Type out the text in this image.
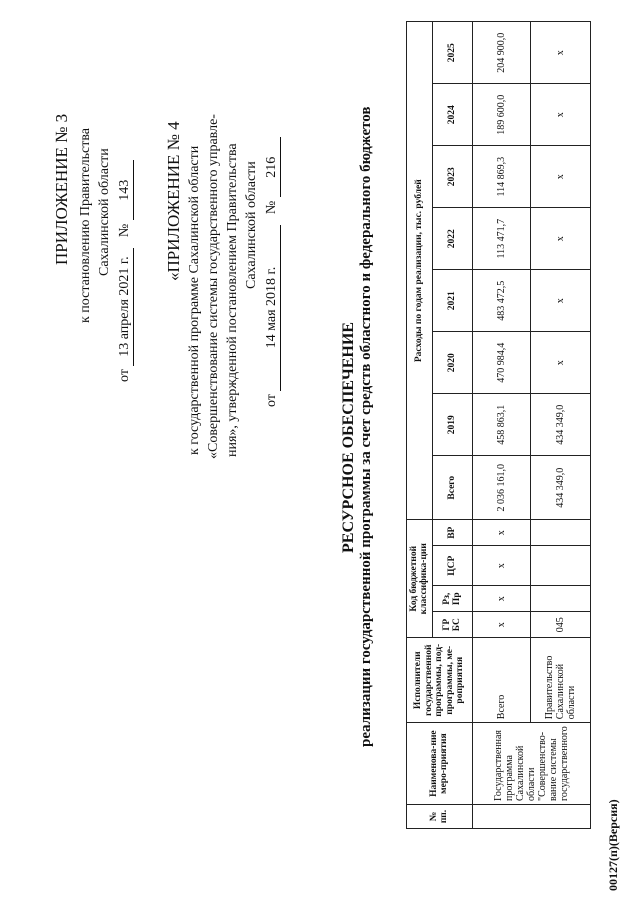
ПРИЛОЖЕНИЕ № 3 к постановлению Правительства Сахалинской области
от 13 апреля 2021 г.   № 143 «ПРИЛОЖЕНИЕ № 4 к государственной программе Сахалинской области «Совершенствование системы государственного управле- ния», утвержденной постановлением Правительства Сахалинской области
от 14 мая 2018 г.   № 216
РЕСУРСНОЕ ОБЕСПЕЧЕНИЕ реализации государственной программы за счет средств областного и федерального бюджетов
№ пп.	Наименова-ние меро-приятия	Исполнители государственной программы, под-программы, ме-роприятия	Код бюджетной классифика-ции				Расходы по годам реализации, тыс. рублей							
			ГР БС	Рз, Пр	ЦСР	ВР	Всего	2019	2020	2021	2022	2023	2024	2025

	Государственная программа Сахалинской области "Совершенство-вание системы государственного	Всего	х	х	х	х	2 036 161,0	458 863,1	470 984,4	483 472,5	113 471,7	114 869,3	189 600,0	204 900,0
		Правительство Сахалинской области	045				434 349,0	434 349,0	х	х	х	х	х	х
00127(п)(Версия)
